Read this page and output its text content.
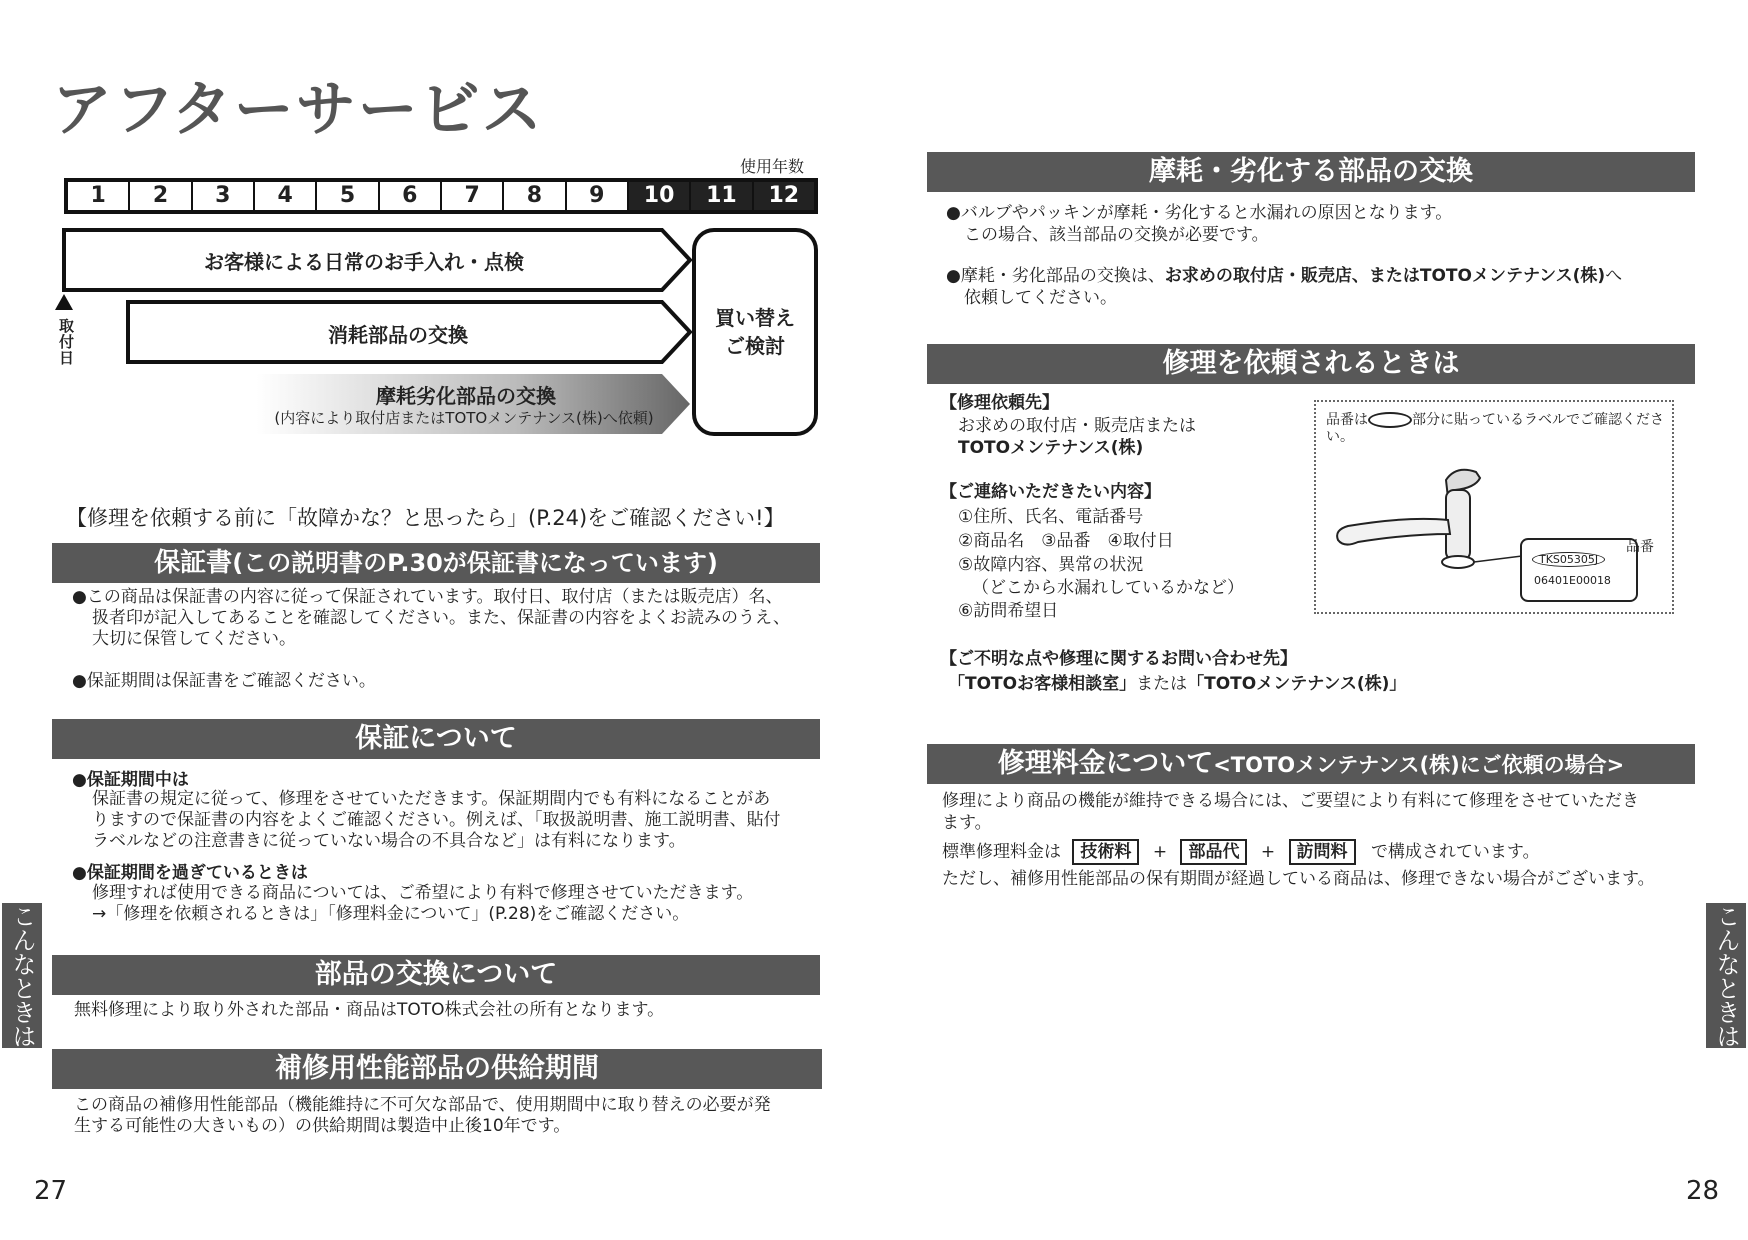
アフターサービス
使用年数
1	2	3	4	5	6	7	8	9	10	11	12
お客様による日常のお手入れ・点検
消耗部品の交換
摩耗劣化部品の交換
(内容により取付店またはTOTOメンテナンス(株)へ依頼)
買い替え
ご検討
取付日
【修理を依頼する前に「故障かな？と思ったら」(P.24)をご確認ください!】
保証書(この説明書のP.30が保証書になっています)
●この商品は保証書の内容に従って保証されています。取付日、取付店（または販売店）名、
扱者印が記入してあることを確認してください。また、保証書の内容をよくお読みのうえ、
大切に保管してください。
●保証期間は保証書をご確認ください。
保証について
●保証期間中は
保証書の規定に従って、修理をさせていただきます。保証期間内でも有料になることがあ
りますので保証書の内容をよくご確認ください。例えば、「取扱説明書、施工説明書、貼付
ラベルなどの注意書きに従っていない場合の不具合など」は有料になります。
●保証期間を過ぎているときは
修理すれば使用できる商品については、ご希望により有料で修理させていただきます。
→「修理を依頼されるときは」「修理料金について」(P.28)をご確認ください。
部品の交換について
無料修理により取り外された部品・商品はTOTO株式会社の所有となります。
補修用性能部品の供給期間
この商品の補修用性能部品（機能維持に不可欠な部品で、使用期間中に取り替えの必要が発
生する可能性の大きいもの）の供給期間は製造中止後10年です。
こんなときは
27
摩耗・劣化する部品の交換
●バルブやパッキンが摩耗・劣化すると水漏れの原因となります。
この場合、該当部品の交換が必要です。
●摩耗・劣化部品の交換は、お求めの取付店・販売店、またはTOTOメンテナンス(株)へ
依頼してください。
修理を依頼されるときは
【修理依頼先】
お求めの取付店・販売店または
TOTOメンテナンス(株)
【ご連絡いただきたい内容】
①住所、氏名、電話番号
②商品名　③品番　④取付日
⑤故障内容、異常の状況
（どこから水漏れしているかなど）
⑥訪問希望日
品番は	部分に貼っているラベルでご確認ください。
TKS05305J
06401E00018
品番
【ご不明な点や修理に関するお問い合わせ先】
「TOTOお客様相談室」または「TOTOメンテナンス(株)」
修理料金について<TOTOメンテナンス(株)にご依頼の場合>
修理により商品の機能が維持できる場合には、ご要望により有料にて修理をさせていただき
ます。
標準修理料金は 技術料 + 部品代 + 訪問料 で構成されています。
ただし、補修用性能部品の保有期間が経過している商品は、修理できない場合がございます。
こんなときは
28
